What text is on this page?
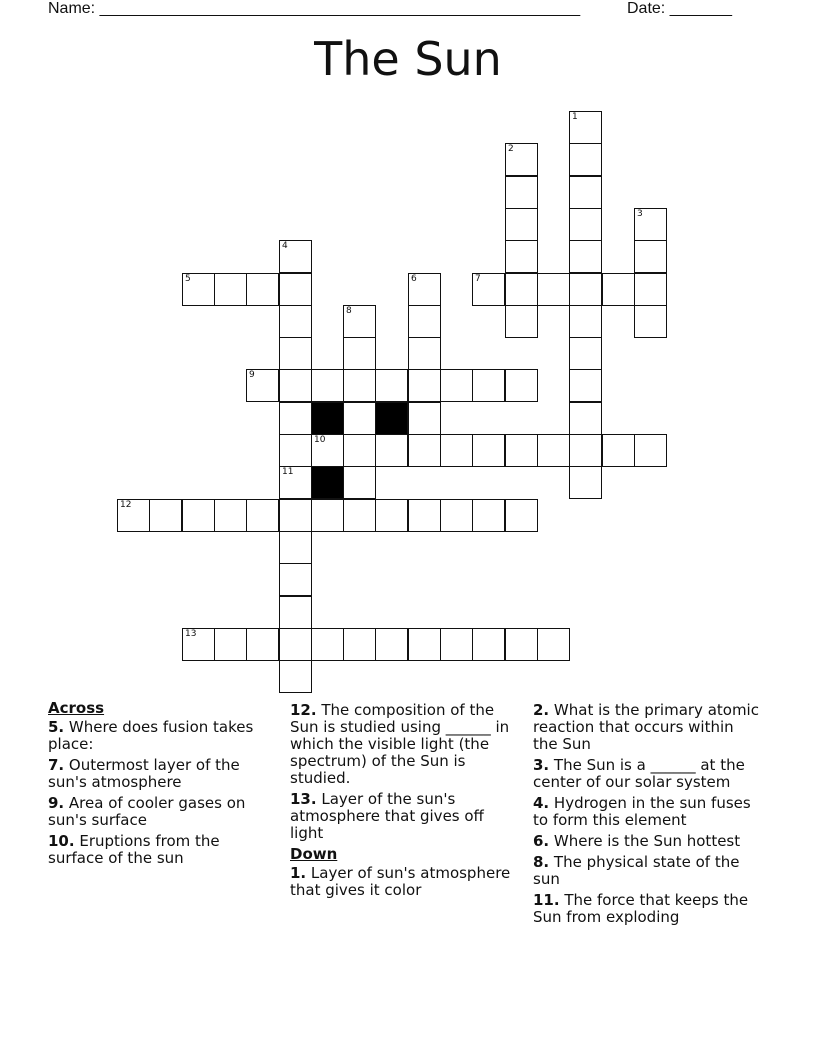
Name: ______________________________________________________	Date: _______
The Sun
1
2
3
4
5	6	7
8
9
10
11
12
13
Across
5. Where does fusion takes place:
7. Outermost layer of the sun's atmosphere
9. Area of cooler gases on sun's surface
10. Eruptions from the surface of the sun
12. The composition of the Sun is studied using ______ in which the visible light (the spectrum) of the Sun is studied.
13. Layer of the sun's atmosphere that gives off light
Down
1. Layer of sun's atmosphere that gives it color
2. What is the primary atomic reaction that occurs within the Sun
3. The Sun is a ______ at the center of our solar system
4. Hydrogen in the sun fuses to form this element
6. Where is the Sun hottest
8. The physical state of the sun
11. The force that keeps the Sun from exploding
